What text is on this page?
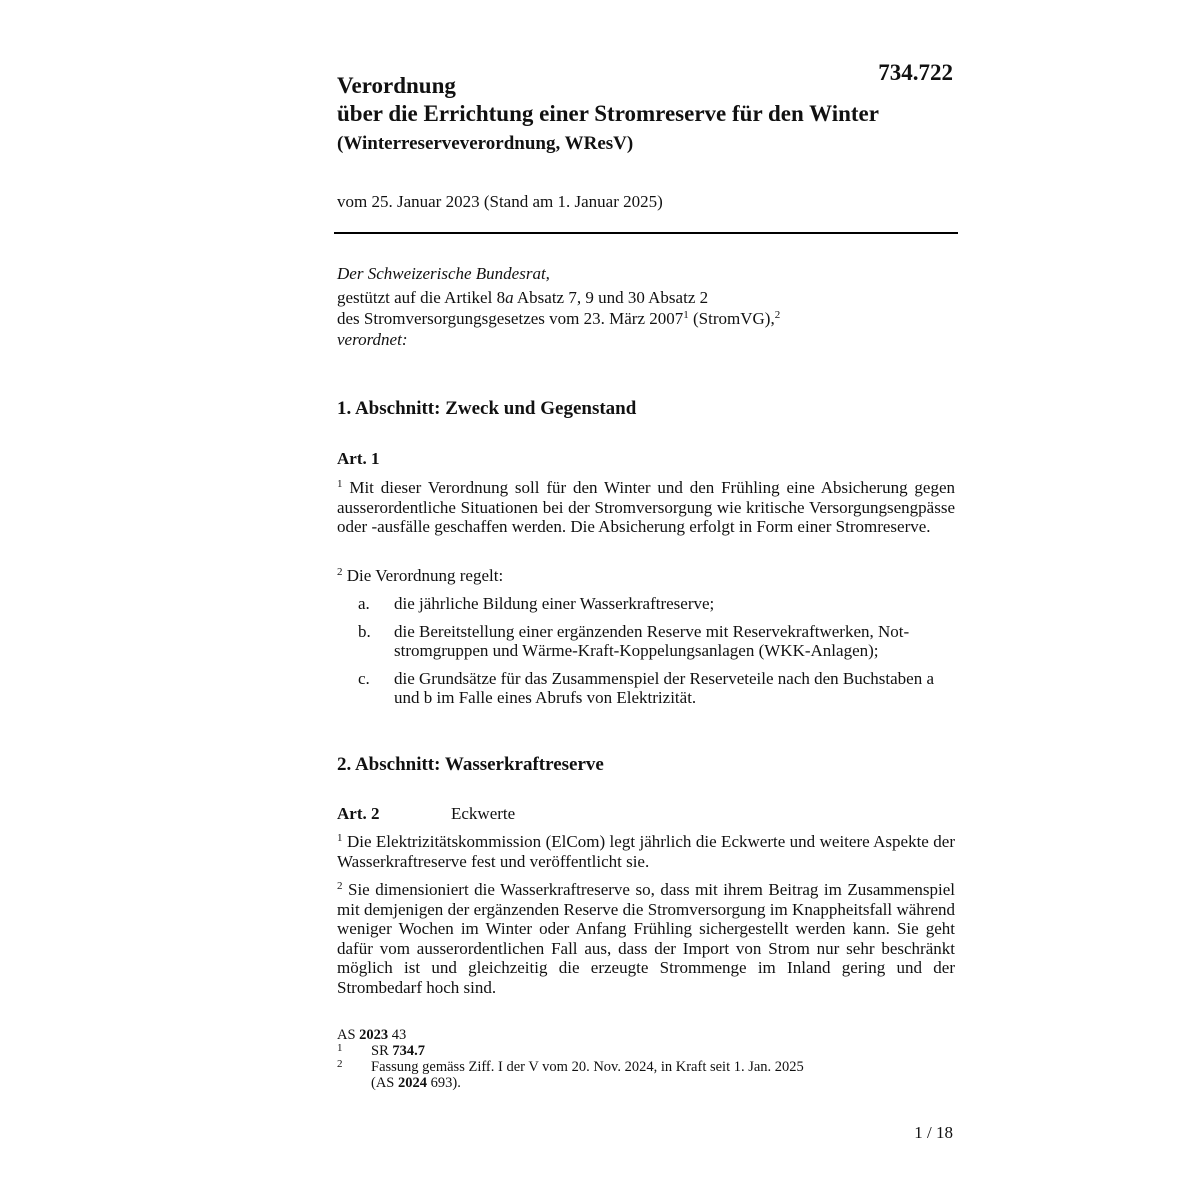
734.722
Verordnung
über die Errichtung einer Stromreserve für den Winter
(Winterreserveverordnung, WResV)
vom 25. Januar 2023 (Stand am 1. Januar 2025)
Der Schweizerische Bundesrat,
gestützt auf die Artikel 8a Absatz 7, 9 und 30 Absatz 2
des Stromversorgungsgesetzes vom 23. März 2007$^1$ (StromVG),$^2$
verordnet:
1. Abschnitt: Zweck und Gegenstand
Art. 1
$^1$ Mit dieser Verordnung soll für den Winter und den Frühling eine Absicherung gegen ausserordentliche Situationen bei der Stromversorgung wie kritische Versorgungsengpässe oder -ausfälle geschaffen werden. Die Absicherung erfolgt in Form einer Stromreserve.
$^2$ Die Verordnung regelt:
a. die jährliche Bildung einer Wasserkraftreserve;
b. die Bereitstellung einer ergänzenden Reserve mit Reservekraftwerken, Notstromgruppen und Wärme-Kraft-Koppelungsanlagen (WKK-Anlagen);
c. die Grundsätze für das Zusammenspiel der Reserveteile nach den Buchstaben a und b im Falle eines Abrufs von Elektrizität.
2. Abschnitt: Wasserkraftreserve
Art. 2	Eckwerte
$^1$ Die Elektrizitätskommission (ElCom) legt jährlich die Eckwerte und weitere Aspekte der Wasserkraftreserve fest und veröffentlicht sie.
$^2$ Sie dimensioniert die Wasserkraftreserve so, dass mit ihrem Beitrag im Zusammenspiel mit demjenigen der ergänzenden Reserve die Stromversorgung im Knappheitsfall während weniger Wochen im Winter oder Anfang Frühling sichergestellt werden kann. Sie geht dafür vom ausserordentlichen Fall aus, dass der Import von Strom nur sehr beschränkt möglich ist und gleichzeitig die erzeugte Strommenge im Inland gering und der Strombedarf hoch sind.
AS 2023 43
1 SR 734.7
2 Fassung gemäss Ziff. I der V vom 20. Nov. 2024, in Kraft seit 1. Jan. 2025
(AS 2024 693).
1 / 18
